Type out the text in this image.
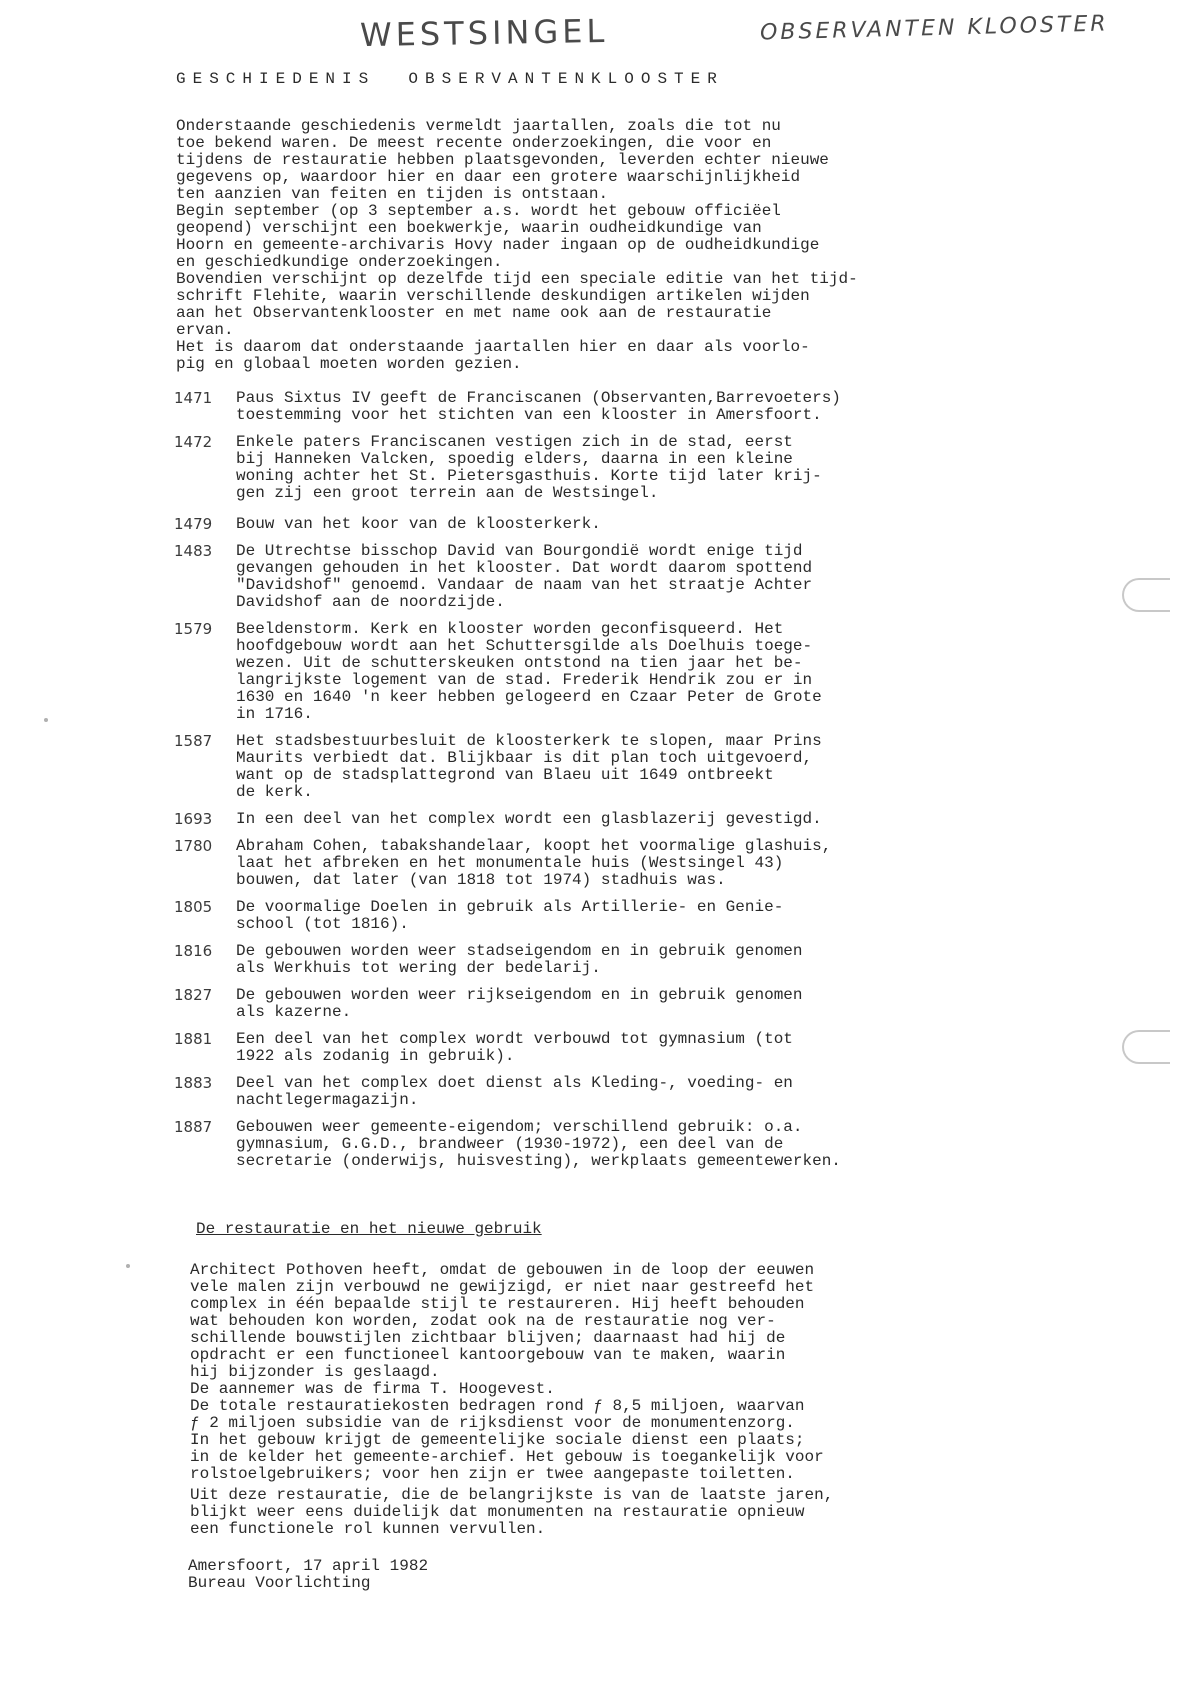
WESTSINGEL	OBSERVANTEN KLOOSTER
GESCHIEDENIS  OBSERVANTENKLOOSTER

Onderstaande geschiedenis vermeldt jaartallen, zoals die tot nu
toe bekend waren. De meest recente onderzoekingen, die voor en
tijdens de restauratie hebben plaatsgevonden, leverden echter nieuwe
gegevens op, waardoor hier en daar een grotere waarschijnlijkheid
ten aanzien van feiten en tijden is ontstaan.

Begin september (op 3 september a.s. wordt het gebouw officiëel
geopend) verschijnt een boekwerkje, waarin oudheidkundige van
Hoorn en gemeente-archivaris Hovy nader ingaan op de oudheidkundige
en geschiedkundige onderzoekingen.

Bovendien verschijnt op dezelfde tijd een speciale editie van het tijd-
schrift Flehite, waarin verschillende deskundigen artikelen wijden
aan het Observantenklooster en met name ook aan de restauratie
ervan.

Het is daarom dat onderstaande jaartallen hier en daar als voorlo-
pig en globaal moeten worden gezien.

1471	Paus Sixtus IV geeft de Franciscanen (Observanten,Barrevoeters)
toestemming voor het stichten van een klooster in Amersfoort.
1472	Enkele paters Franciscanen vestigen zich in de stad, eerst
bij Hanneken Valcken, spoedig elders, daarna in een kleine
woning achter het St. Pietersgasthuis. Korte tijd later krij-
gen zij een groot terrein aan de Westsingel.
1479	Bouw van het koor van de kloosterkerk.
1483	De Utrechtse bisschop David van Bourgondië wordt enige tijd
gevangen gehouden in het klooster. Dat wordt daarom spottend
"Davidshof" genoemd. Vandaar de naam van het straatje Achter
Davidshof aan de noordzijde.
1579	Beeldenstorm. Kerk en klooster worden geconfisqueerd. Het
hoofdgebouw wordt aan het Schuttersgilde als Doelhuis toege-
wezen. Uit de schutterskeuken ontstond na tien jaar het be-
langrijkste logement van de stad. Frederik Hendrik zou er in
1630 en 1640 'n keer hebben gelogeerd en Czaar Peter de Grote
in 1716.
1587	Het stadsbestuurbesluit de kloosterkerk te slopen, maar Prins
Maurits verbiedt dat. Blijkbaar is dit plan toch uitgevoerd,
want op de stadsplattegrond van Blaeu uit 1649 ontbreekt
de kerk.
1693	In een deel van het complex wordt een glasblazerij gevestigd.
1780	Abraham Cohen, tabakshandelaar, koopt het voormalige glashuis,
laat het afbreken en het monumentale huis (Westsingel 43)
bouwen, dat later (van 1818 tot 1974) stadhuis was.
1805	De voormalige Doelen in gebruik als Artillerie- en Genie-
school (tot 1816).
1816	De gebouwen worden weer stadseigendom en in gebruik genomen
als Werkhuis tot wering der bedelarij.
1827	De gebouwen worden weer rijkseigendom en in gebruik genomen
als kazerne.
1881	Een deel van het complex wordt verbouwd tot gymnasium (tot
1922 als zodanig in gebruik).
1883	Deel van het complex doet dienst als Kleding-, voeding- en
nachtlegermagazijn.
1887	Gebouwen weer gemeente-eigendom; verschillend gebruik: o.a.
gymnasium, G.G.D., brandweer (1930-1972), een deel van de
secretarie (onderwijs, huisvesting), werkplaats gemeentewerken.
De restauratie en het nieuwe gebruik

Architect Pothoven heeft, omdat de gebouwen in de loop der eeuwen
vele malen zijn verbouwd ne gewijzigd, er niet naar gestreefd het
complex in één bepaalde stijl te restaureren. Hij heeft behouden
wat behouden kon worden, zodat ook na de restauratie nog ver-
schillende bouwstijlen zichtbaar blijven; daarnaast had hij de
opdracht er een functioneel kantoorgebouw van te maken, waarin
hij bijzonder is geslaagd.

De aannemer was de firma T. Hoogevest.

De totale restauratiekosten bedragen rond ƒ 8,5 miljoen, waarvan
ƒ 2 miljoen subsidie van de rijksdienst voor de monumentenzorg.

In het gebouw krijgt de gemeentelijke sociale dienst een plaats;
in de kelder het gemeente-archief. Het gebouw is toegankelijk voor
rolstoelgebruikers; voor hen zijn er twee aangepaste toiletten.

Uit deze restauratie, die de belangrijkste is van de laatste jaren,
blijkt weer eens duidelijk dat monumenten na restauratie opnieuw
een functionele rol kunnen vervullen.

Amersfoort, 17 april 1982

Bureau Voorlichting
